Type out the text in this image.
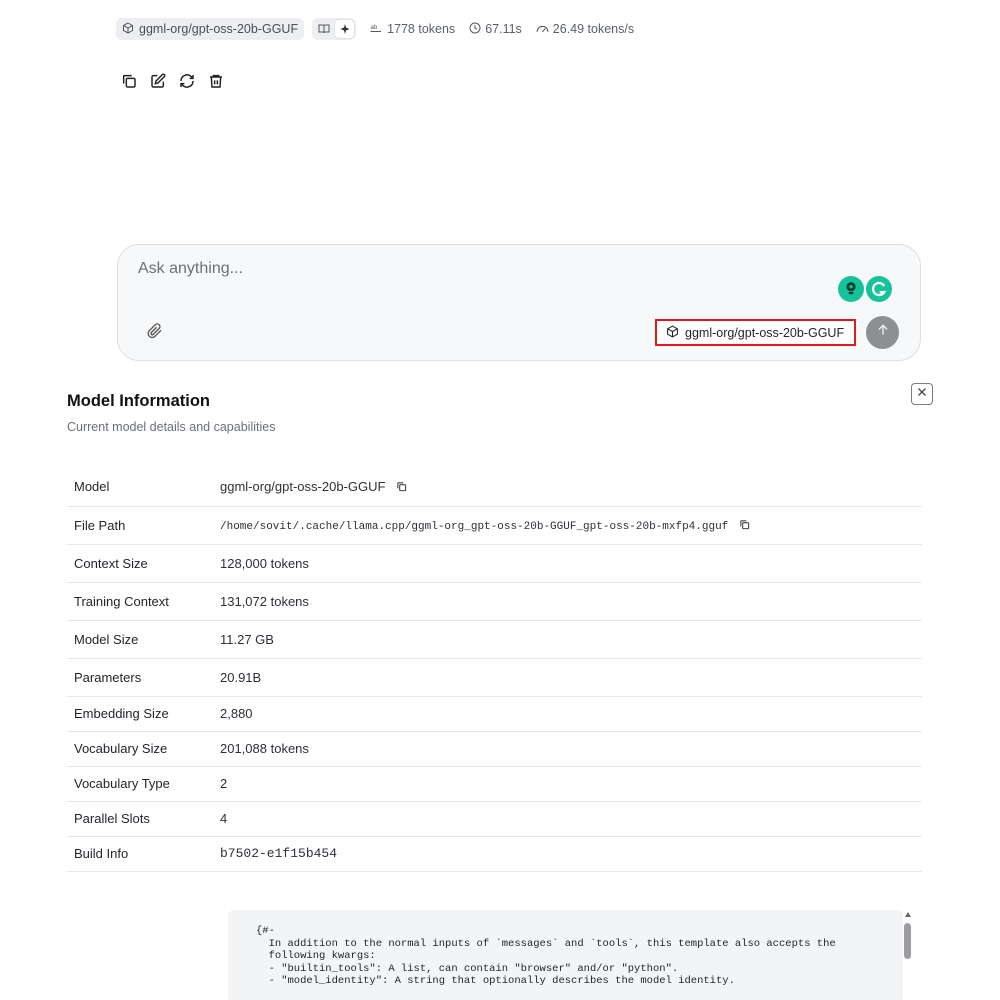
ggml-org/gpt-oss-20b-GGUF	ab 1778 tokens 67.11s 26.49 tokens/s
Ask anything...
ggml-org/gpt-oss-20b-GGUF
Model Information
Current model details and capabilities
Model	ggml-org/gpt-oss-20b-GGUF
File Path	/home/sovit/.cache/llama.cpp/ggml-org_gpt-oss-20b-GGUF_gpt-oss-20b-mxfp4.gguf
Context Size	128,000 tokens
Training Context	131,072 tokens
Model Size	11.27 GB
Parameters	20.91B
Embedding Size	2,880
Vocabulary Size	201,088 tokens
Vocabulary Type	2
Parallel Slots	4
Build Info	b7502-e1f15b454
{#-
In addition to the normal inputs of `messages` and `tools`, this template also accepts the
following kwargs:
- "builtin_tools": A list, can contain "browser" and/or "python".
- "model_identity": A string that optionally describes the model identity.
